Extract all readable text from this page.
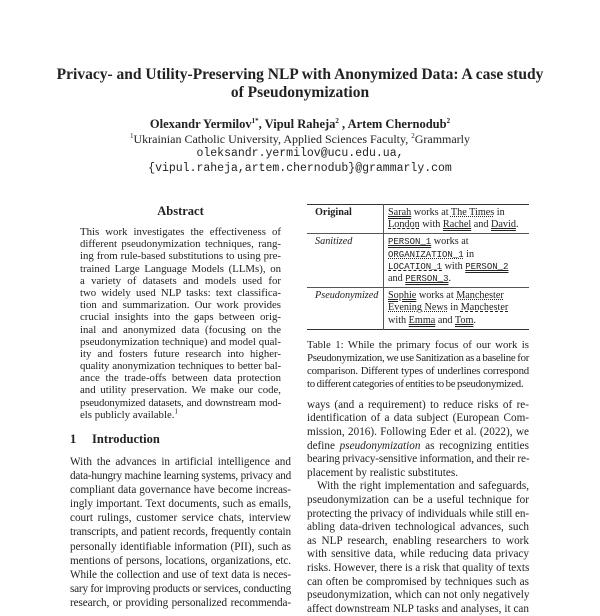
Privacy- and Utility-Preserving NLP with Anonymized Data: A case study
of Pseudonymization
Olexandr Yermilov$^{1*}$, Vipul Raheja$^2$ , Artem Chernodub$^2$
$^1$Ukrainian Catholic University, Applied Sciences Faculty, $^2$Grammarly
oleksandr.yermilov@ucu.edu.ua,
{vipul.raheja,artem.chernodub}@grammarly.com
Abstract
This work investigates the effectiveness of
different pseudonymization techniques, rang-
ing from rule-based substitutions to using pre-
trained Large Language Models (LLMs), on
a variety of datasets and models used for
two widely used NLP tasks: text classifica-
tion and summarization. Our work provides
crucial insights into the gaps between orig-
inal and anonymized data (focusing on the
pseudonymization technique) and model qual-
ity and fosters future research into higher-
quality anonymization techniques to better bal-
ance the trade-offs between data protection
and utility preservation. We make our code,
pseudonymized datasets, and downstream mod-
els publicly available.$^1$
1 Introduction
With the advances in artificial intelligence and
data-hungry machine learning systems, privacy and
compliant data governance have become increas-
ingly important. Text documents, such as emails,
court rulings, customer service chats, interview
transcripts, and patient records, frequently contain
personally identifiable information (PII), such as
mentions of persons, locations, organizations, etc.
While the collection and use of text data is neces-
sary for improving products or services, conducting
research, or providing personalized recommenda-
Original	Sarah works at The Times in London with Rachel and David.
Sanitized	PERSON_1 works at ORGANIZATION_1 in LOCATION_1 with PERSON_2 and PERSON_3.
Pseudonymized	Sophie works at Manchester Evening News in Manchester with Emma and Tom.
Table 1: While the primary focus of our work is
Pseudonymization, we use Sanitization as a baseline for
comparison. Different types of underlines correspond
to different categories of entities to be pseudonymized.
ways (and a requirement) to reduce risks of re-
identification of a data subject (European Com-
mission, 2016). Following Eder et al. (2022), we
define pseudonymization as recognizing entities
bearing privacy-sensitive information, and their re-
placement by realistic substitutes.
With the right implementation and safeguards,
pseudonymization can be a useful technique for
protecting the privacy of individuals while still en-
abling data-driven technological advances, such
as NLP research, enabling researchers to work
with sensitive data, while reducing data privacy
risks. However, there is a risk that quality of texts
can often be compromised by techniques such as
pseudonymization, which can not only negatively
affect downstream NLP tasks and analyses, it can
